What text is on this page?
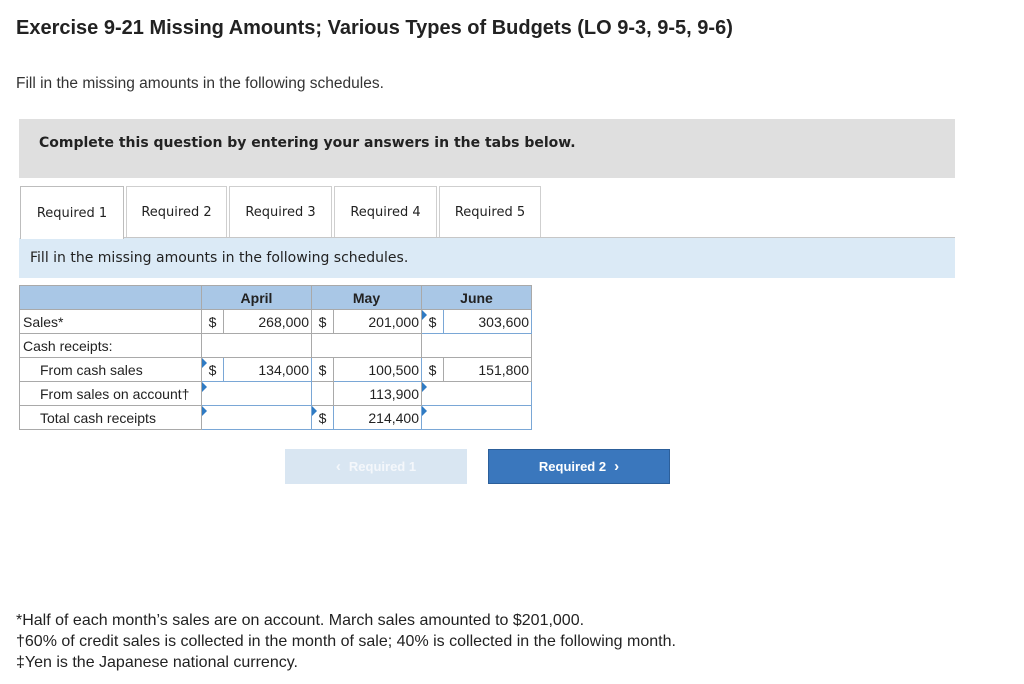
Exercise 9-21 Missing Amounts; Various Types of Budgets (LO 9-3, 9-5, 9-6)
Fill in the missing amounts in the following schedules.
Complete this question by entering your answers in the tabs below.
Required 1	Required 2	Required 3	Required 4	Required 5
Fill in the missing amounts in the following schedules.
	April		May		June	
Sales*	$	268,000	$	201,000	$	303,600
Cash receipts:						
From cash sales	$	134,000	$	100,500	$	151,800
From sales on account†				113,900		

Total cash receipts			$	214,400		
‹ Required 1	Required 2 ›
*Half of each month’s sales are on account. March sales amounted to $201,000.
†60% of credit sales is collected in the month of sale; 40% is collected in the following month.
‡Yen is the Japanese national currency.
